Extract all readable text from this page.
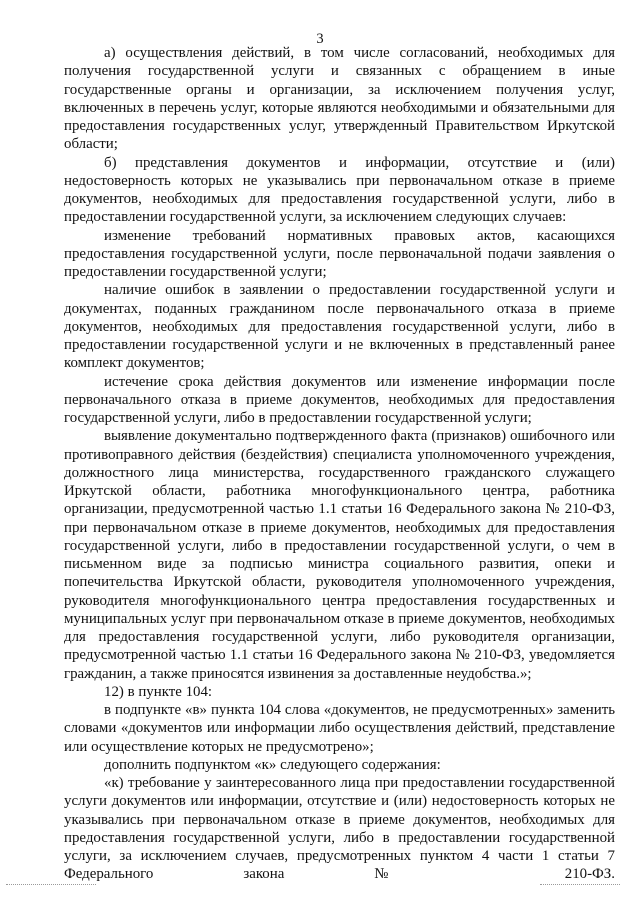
3

а) осуществления действий, в том числе согласований, необходимых для получения государственной услуги и связанных с обращением в иные государственные органы и организации, за исключением получения услуг, включенных в перечень услуг, которые являются необходимыми и обязательными для предоставления государственных услуг, утвержденный Правительством Иркутской области;

б) представления документов и информации, отсутствие и (или) недостоверность которых не указывались при первоначальном отказе в приеме документов, необходимых для предоставления государственной услуги, либо в предоставлении государственной услуги, за исключением следующих случаев:

изменение требований нормативных правовых актов, касающихся предоставления государственной услуги, после первоначальной подачи заявления о предоставлении государственной услуги;

наличие ошибок в заявлении о предоставлении государственной услуги и документах, поданных гражданином после первоначального отказа в приеме документов, необходимых для предоставления государственной услуги, либо в предоставлении государственной услуги и не включенных в представленный ранее комплект документов;

истечение срока действия документов или изменение информации после первоначального отказа в приеме документов, необходимых для предоставления государственной услуги, либо в предоставлении государственной услуги;

выявление документально подтвержденного факта (признаков) ошибочного или противоправного действия (бездействия) специалиста уполномоченного учреждения, должностного лица министерства, государственного гражданского служащего Иркутской области, работника многофункционального центра, работника организации, предусмотренной частью 1.1 статьи 16 Федерального закона № 210-ФЗ, при первоначальном отказе в приеме документов, необходимых для предоставления государственной услуги, либо в предоставлении государственной услуги, о чем в письменном виде за подписью министра социального развития, опеки и попечительства Иркутской области, руководителя уполномоченного учреждения, руководителя многофункционального центра предоставления государственных и муниципальных услуг при первоначальном отказе в приеме документов, необходимых для предоставления государственной услуги, либо руководителя организации, предусмотренной частью 1.1 статьи 16 Федерального закона № 210-ФЗ, уведомляется гражданин, а также приносятся извинения за доставленные неудобства.»;

12) в пункте 104:

в подпункте «в» пункта 104 слова «документов, не предусмотренных» заменить словами «документов или информации либо осуществления действий, представление или осуществление которых не предусмотрено»;

дополнить подпунктом «к» следующего содержания:

«к) требование у заинтересованного лица при предоставлении государственной услуги документов или информации, отсутствие и (или) недостоверность которых не указывались при первоначальном отказе в приеме документов, необходимых для предоставления государственной услуги, либо в предоставлении государственной услуги, за исключением случаев, предусмотренных пунктом 4 части 1 статьи 7 Федерального закона № 210-ФЗ.
